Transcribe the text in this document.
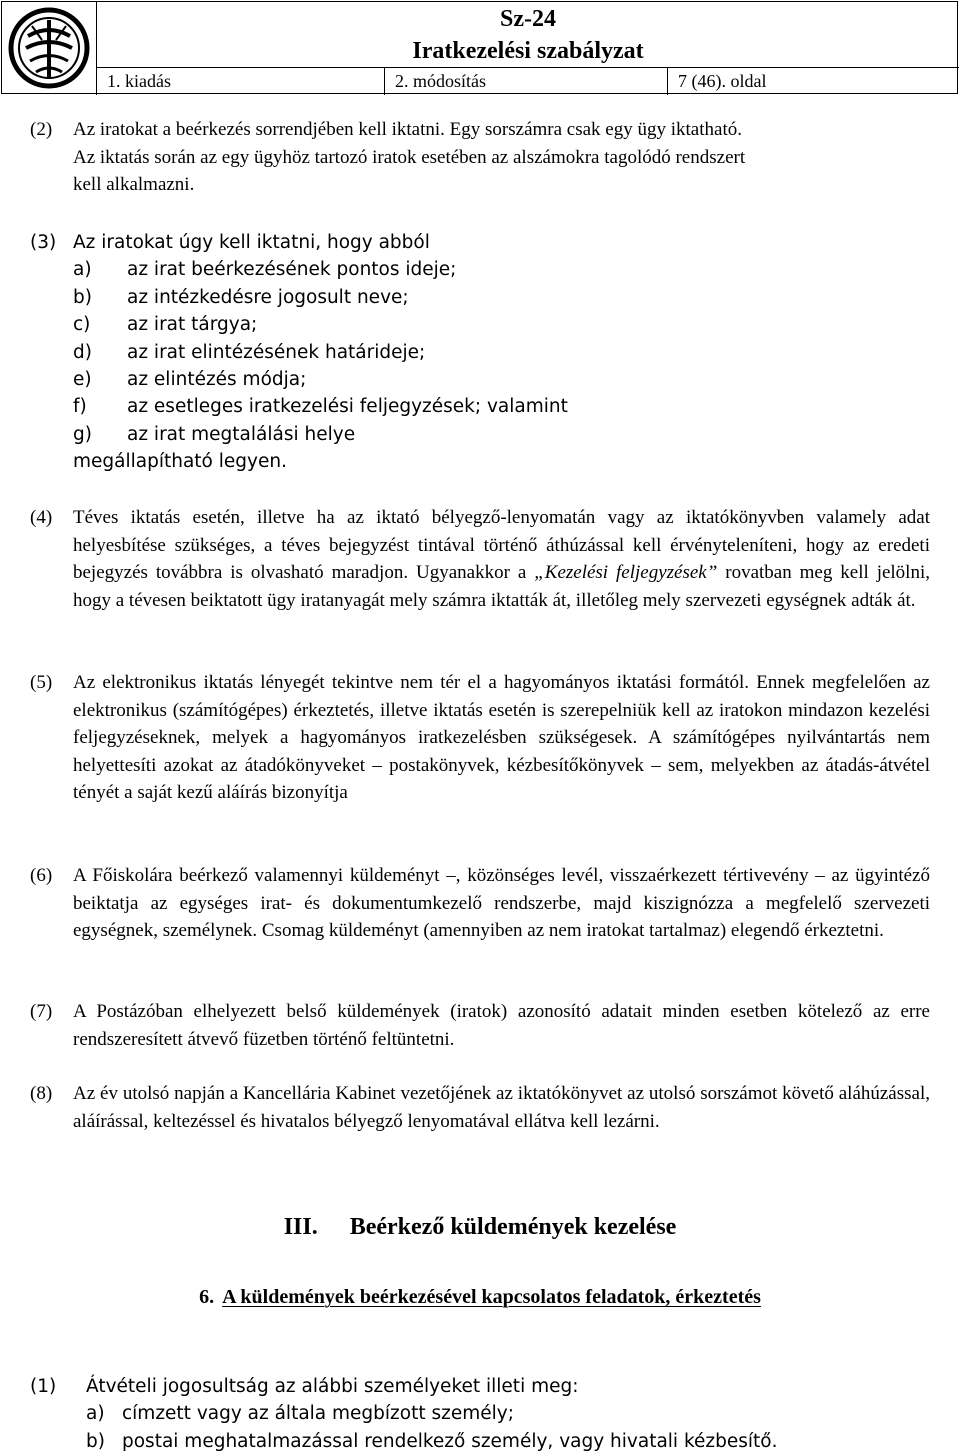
Sz-24
Iratkezelési szabályzat
1. kiadás	2. módosítás	7 (46). oldal
(2) Az iratokat a beérkezés sorrendjében kell iktatni. Egy sorszámra csak egy ügy iktatható.
Az iktatás során az egy ügyhöz tartozó iratok esetében az alszámokra tagolódó rendszert
kell alkalmazni.
(3) Az iratokat úgy kell iktatni, hogy abból
a) az irat beérkezésének pontos ideje;
b) az intézkedésre jogosult neve;
c) az irat tárgya;
d) az irat elintézésének határideje;
e) az elintézés módja;
f) az esetleges iratkezelési feljegyzések; valamint
g) az irat megtalálási helye
megállapítható legyen.
(4) Téves iktatás esetén, illetve ha az iktató bélyegző-lenyomatán vagy az iktatókönyvben valamely adat helyesbítése szükséges, a téves bejegyzést tintával történő áthúzással kell érvényteleníteni, hogy az eredeti bejegyzés továbbra is olvasható maradjon. Ugyanakkor a „Kezelési feljegyzések” rovatban meg kell jelölni, hogy a tévesen beiktatott ügy iratanyagát mely számra iktatták át, illetőleg mely szervezeti egységnek adták át.
(5) Az elektronikus iktatás lényegét tekintve nem tér el a hagyományos iktatási formától. Ennek megfelelően az elektronikus (számítógépes) érkeztetés, illetve iktatás esetén is szerepelniük kell az iratokon mindazon kezelési feljegyzéseknek, melyek a hagyományos iratkezelésben szükségesek. A számítógépes nyilvántartás nem helyettesíti azokat az átadókönyveket – postakönyvek, kézbesítőkönyvek – sem, melyekben az átadás-átvétel tényét a saját kezű aláírás bizonyítja
(6) A Főiskolára beérkező valamennyi küldeményt –, közönséges levél, visszaérkezett tértivevény – az ügyintéző beiktatja az egységes irat- és dokumentumkezelő rendszerbe, majd kiszignózza a megfelelő szervezeti egységnek, személynek. Csomag küldeményt (amennyiben az nem iratokat tartalmaz) elegendő érkeztetni.
(7) A Postázóban elhelyezett belső küldemények (iratok) azonosító adatait minden esetben kötelező az erre rendszeresített átvevő füzetben történő feltüntetni.
(8) Az év utolsó napján a Kancellária Kabinet vezetőjének az iktatókönyvet az utolsó sorszámot követő aláhúzással, aláírással, keltezéssel és hivatalos bélyegző lenyomatával ellátva kell lezárni.
III. Beérkező küldemények kezelése
6. A küldemények beérkezésével kapcsolatos feladatok, érkeztetés
(1) Átvételi jogosultság az alábbi személyeket illeti meg:
a) címzett vagy az általa megbízott személy;
b) postai meghatalmazással rendelkező személy, vagy hivatali kézbesítő.
